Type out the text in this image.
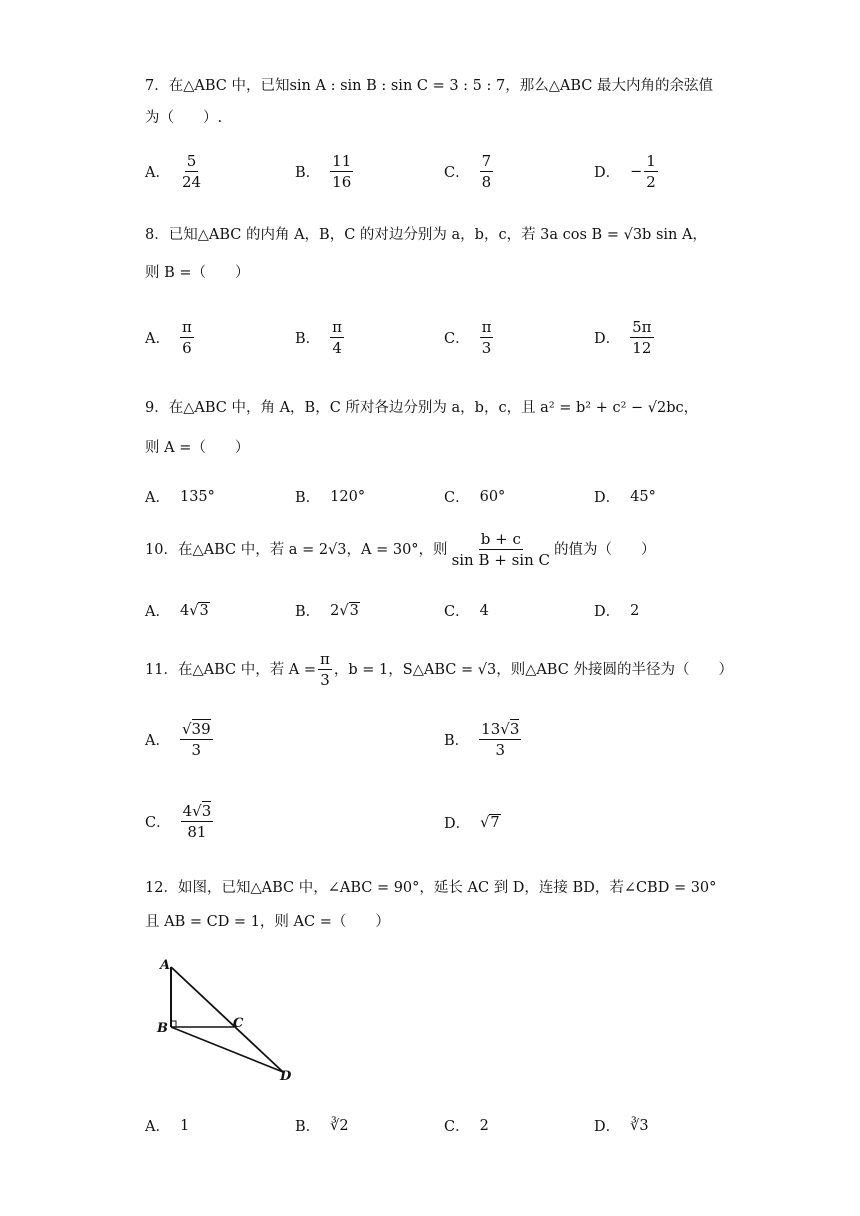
7．在△ABC 中，已知sin A : sin B : sin C = 3 : 5 : 7，那么△ABC 最大内角的余弦值
为（　　）.
A． $\frac{5}{24}$	B． $\frac{11}{16}$	C． $\frac{7}{8}$	D． − $\frac{1}{2}$
8．已知△ABC 的内角 A，B，C 的对边分别为 a，b，c，若 3a cos B = √3b sin A，
则 B =（　　）
A． $\frac{\pi}{6}$	B． $\frac{\pi}{4}$	C． $\frac{\pi}{3}$	D． $\frac{5\pi}{12}$
9．在△ABC 中，角 A，B，C 所对各边分别为 a，b，c，且 a² = b² + c² − √2bc，
则 A =（　　）
A． 135°	B． 120°	C． 60°	D． 45°
10．在△ABC 中，若 a = 2√3，A = 30°，则 $\frac{b + c}{\text{sin B + sin C}}$ 的值为（　　）
A． 4√3	B． 2√3	C． 4	D． 2
11．在△ABC 中，若 $A = \frac{\pi}{3}$ ，b = 1，S△ABC = √3，则△ABC 外接圆的半径为（　　）
A． $\frac{√39}{3}$	B． $\frac{13√3}{3}$
C． $\frac{4√3}{81}$	D． √7
12．如图，已知△ABC 中，∠ABC = 90°，延长 AC 到 D，连接 BD，若∠CBD = 30°
且 AB = CD = 1，则 AC =（　　）
A
B	C
D
A． 1	B． ∛2	C． 2	D． ∛3
